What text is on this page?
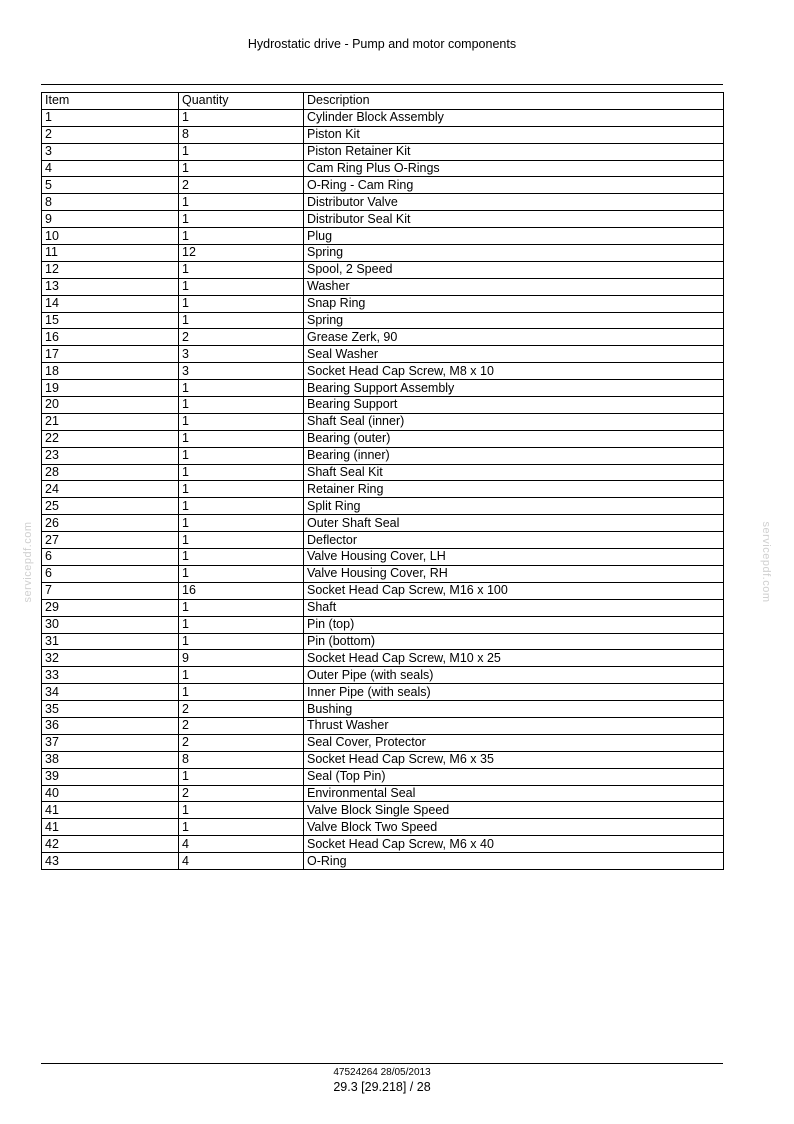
Hydrostatic drive - Pump and motor components
Item	Quantity	Description
1	1	Cylinder Block Assembly
2	8	Piston Kit
3	1	Piston Retainer Kit
4	1	Cam Ring Plus O-Rings
5	2	O-Ring - Cam Ring
8	1	Distributor Valve
9	1	Distributor Seal Kit
10	1	Plug
11	12	Spring
12	1	Spool, 2 Speed
13	1	Washer
14	1	Snap Ring
15	1	Spring
16	2	Grease Zerk, 90
17	3	Seal Washer
18	3	Socket Head Cap Screw, M8 x 10
19	1	Bearing Support Assembly
20	1	Bearing Support
21	1	Shaft Seal (inner)
22	1	Bearing (outer)
23	1	Bearing (inner)
28	1	Shaft Seal Kit
24	1	Retainer Ring
25	1	Split Ring
26	1	Outer Shaft Seal
27	1	Deflector
6	1	Valve Housing Cover, LH
6	1	Valve Housing Cover, RH
7	16	Socket Head Cap Screw, M16 x 100
29	1	Shaft
30	1	Pin (top)
31	1	Pin (bottom)
32	9	Socket Head Cap Screw, M10 x 25
33	1	Outer Pipe (with seals)
34	1	Inner Pipe (with seals)
35	2	Bushing
36	2	Thrust Washer
37	2	Seal Cover, Protector
38	8	Socket Head Cap Screw, M6 x 35
39	1	Seal (Top Pin)
40	2	Environmental Seal
41	1	Valve Block Single Speed
41	1	Valve Block Two Speed
42	4	Socket Head Cap Screw, M6 x 40
43	4	O-Ring
servicepdf.com	servicepdf.com
47524264 28/05/2013
29.3 [29.218] / 28
